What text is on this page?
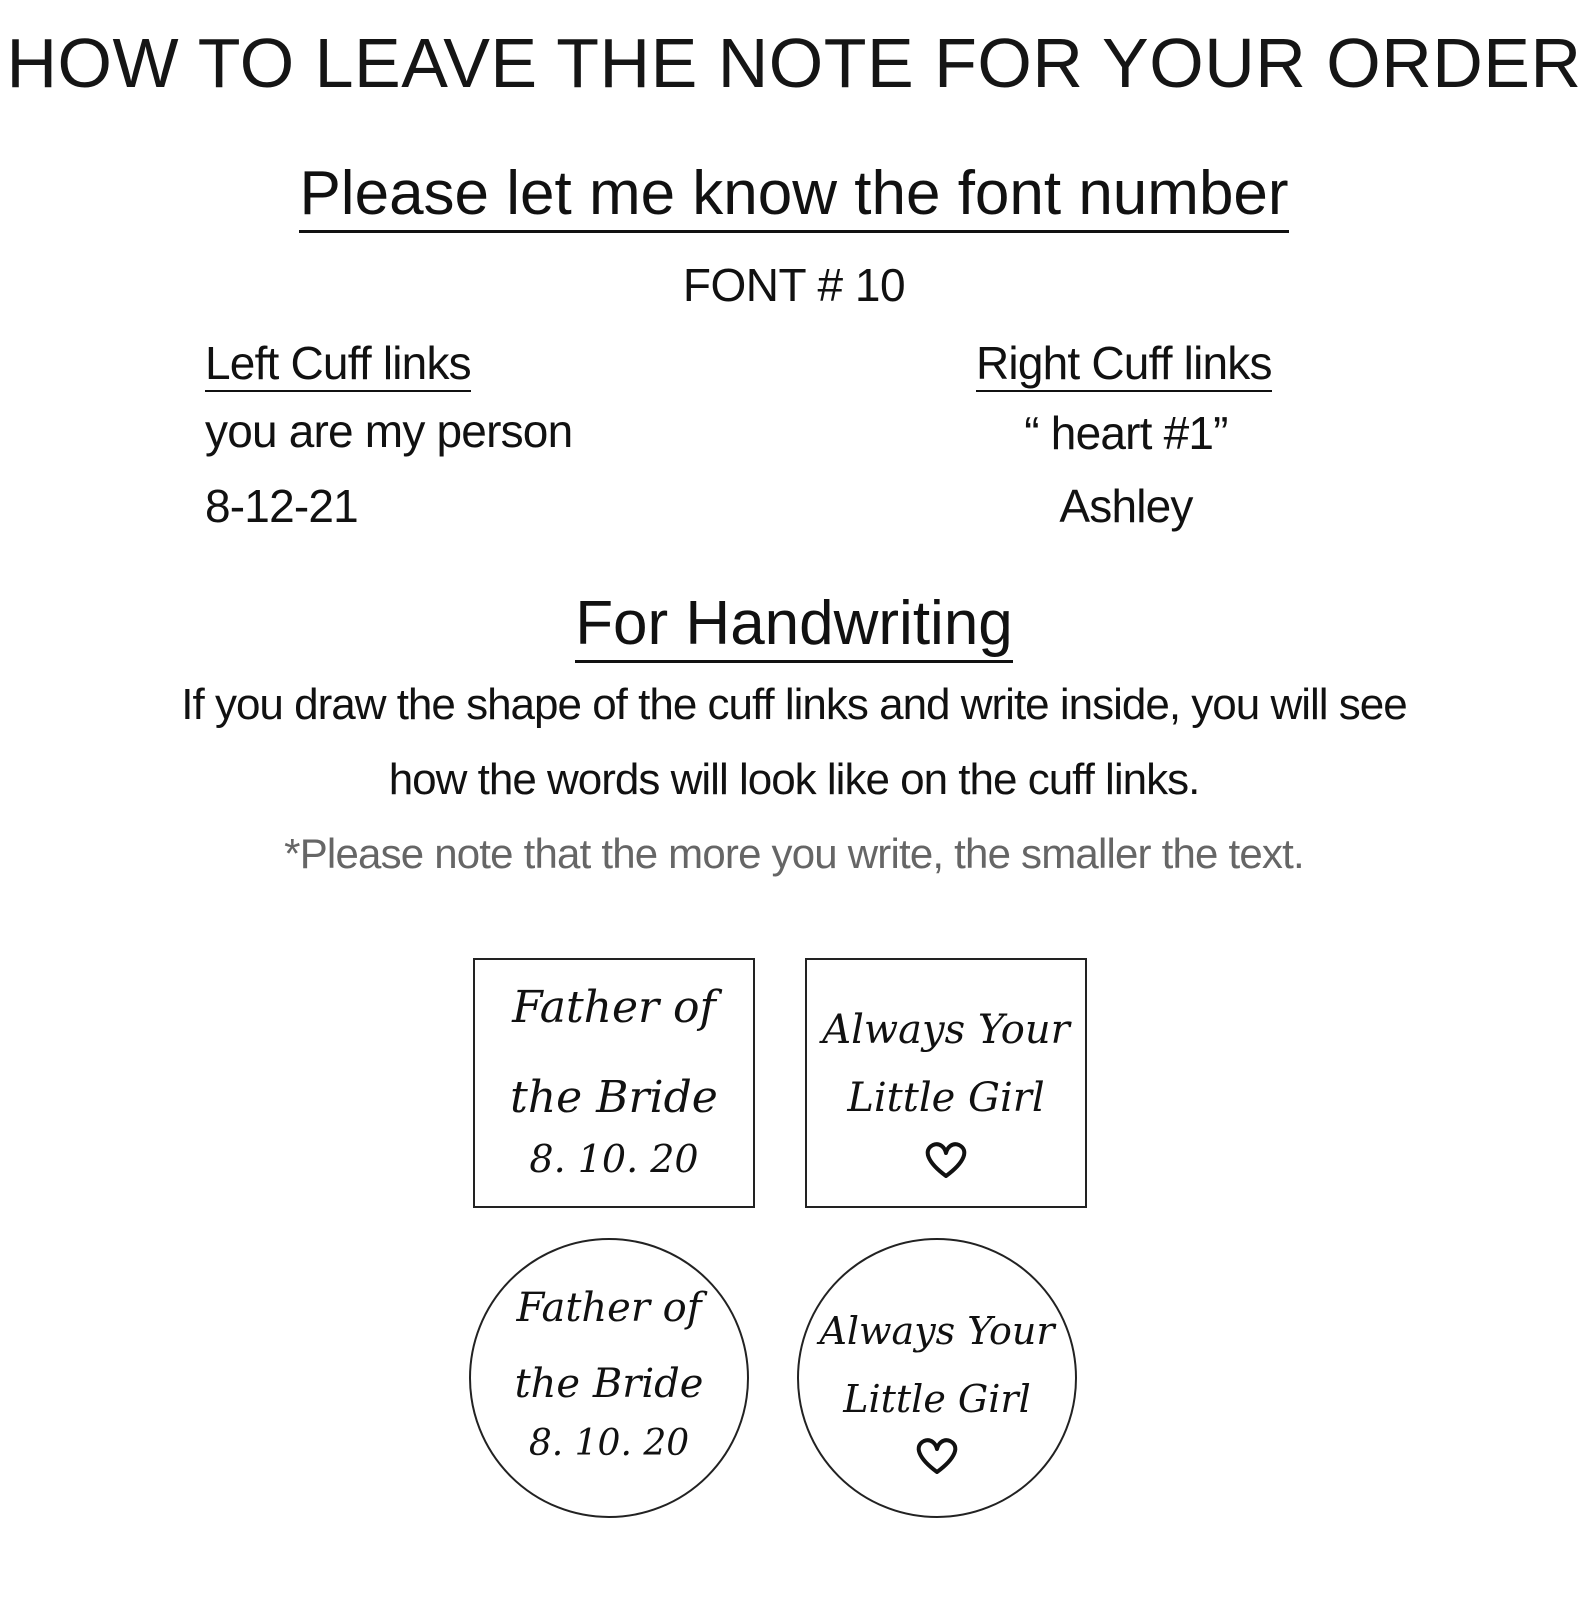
HOW TO LEAVE THE NOTE FOR YOUR ORDER
Please let me know the font number
FONT # 10
Left Cuff links
you are my person
8-12-21
Right Cuff links
“ heart #1”
Ashley
For Handwriting
If you draw the shape of the cuff links and write inside, you will see
how the words will look like on the cuff links.
*Please note that the more you write, the smaller the text.
Father of
the Bride
8. 10. 20
Always Your
Little Girl
Father of
the Bride
8. 10. 20
Always Your
Little Girl
